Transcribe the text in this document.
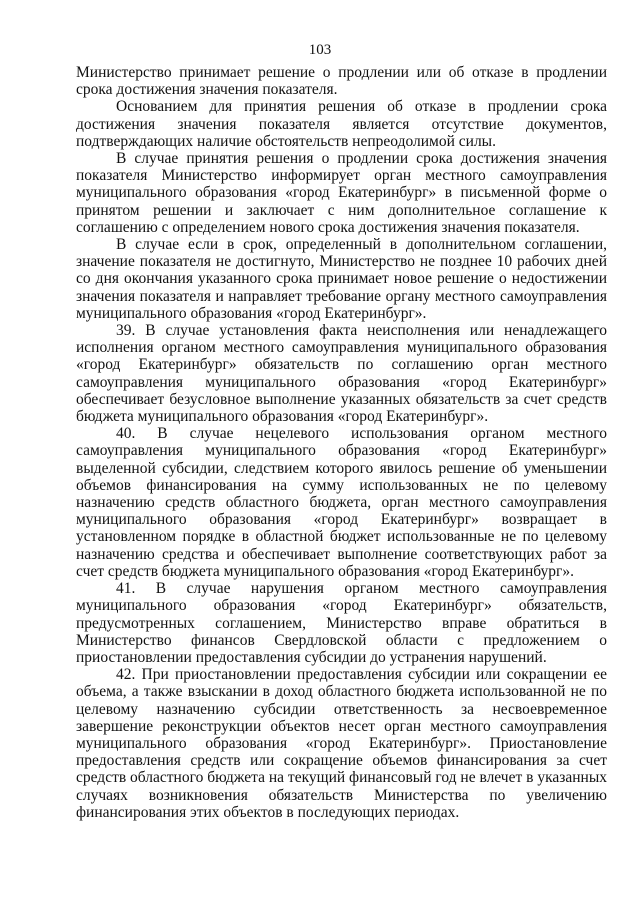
103

Министерство принимает решение о продлении или об отказе в продлении срока достижения значения показателя.

Основанием для принятия решения об отказе в продлении срока достижения значения показателя является отсутствие документов, подтверждающих наличие обстоятельств непреодолимой силы.

В случае принятия решения о продлении срока достижения значения показателя Министерство информирует орган местного самоуправления муниципального образования «город Екатеринбург» в письменной форме о принятом решении и заключает с ним дополнительное соглашение к соглашению с определением нового срока достижения значения показателя.

В случае если в срок, определенный в дополнительном соглашении, значение показателя не достигнуто, Министерство не позднее 10 рабочих дней со дня окончания указанного срока принимает новое решение о недостижении значения показателя и направляет требование органу местного самоуправления муниципального образования «город Екатеринбург».

39. В случае установления факта неисполнения или ненадлежащего исполнения органом местного самоуправления муниципального образования «город Екатеринбург» обязательств по соглашению орган местного самоуправления муниципального образования «город Екатеринбург» обеспечивает безусловное выполнение указанных обязательств за счет средств бюджета муниципального образования «город Екатеринбург».

40. В случае нецелевого использования органом местного самоуправления муниципального образования «город Екатеринбург» выделенной субсидии, следствием которого явилось решение об уменьшении объемов финансирования на сумму использованных не по целевому назначению средств областного бюджета, орган местного самоуправления муниципального образования «город Екатеринбург» возвращает в установленном порядке в областной бюджет использованные не по целевому назначению средства и обеспечивает выполнение соответствующих работ за счет средств бюджета муниципального образования «город Екатеринбург».

41. В случае нарушения органом местного самоуправления муниципального образования «город Екатеринбург» обязательств, предусмотренных соглашением, Министерство вправе обратиться в Министерство финансов Свердловской области с предложением о приостановлении предоставления субсидии до устранения нарушений.

42. При приостановлении предоставления субсидии или сокращении ее объема, а также взыскании в доход областного бюджета использованной не по целевому назначению субсидии ответственность за несвоевременное завершение реконструкции объектов несет орган местного самоуправления муниципального образования «город Екатеринбург». Приостановление предоставления средств или сокращение объемов финансирования за счет средств областного бюджета на текущий финансовый год не влечет в указанных случаях возникновения обязательств Министерства по увеличению финансирования этих объектов в последующих периодах.
